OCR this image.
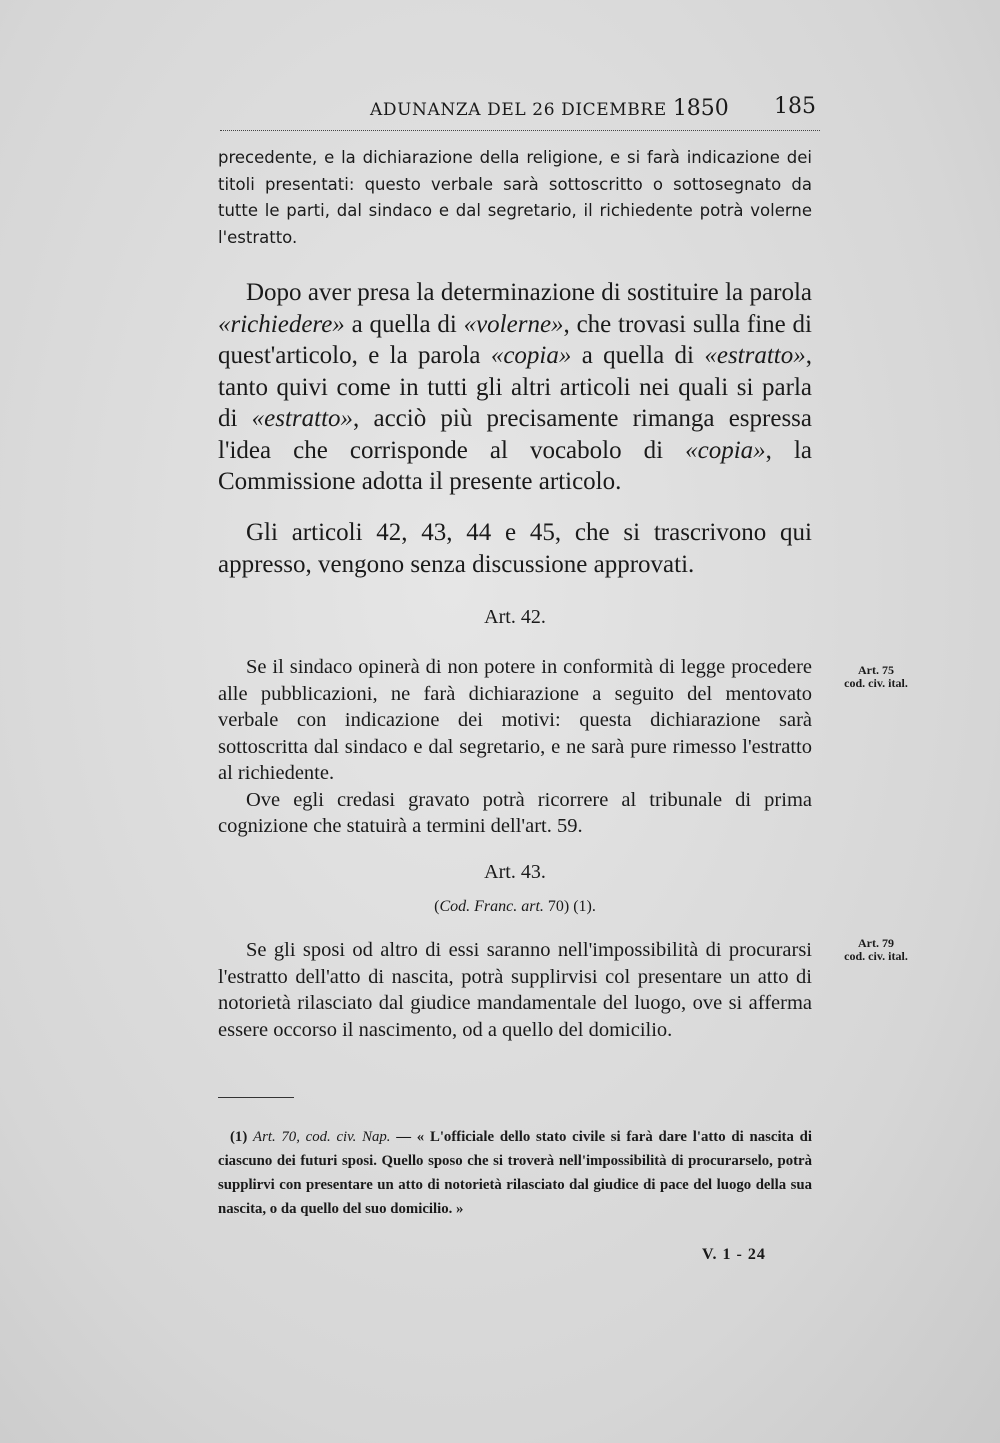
ADUNANZA DEL 26 DICEMBRE 1850 185

precedente, e la dichiarazione della religione, e si farà indicazione dei titoli presentati: questo verbale sarà sottoscritto o sottosegnato da tutte le parti, dal sindaco e dal segretario, il richiedente potrà volerne l'estratto.

Dopo aver presa la determinazione di sostituire la parola «richiedere» a quella di «volerne», che trovasi sulla fine di quest'articolo, e la parola «copia» a quella di «estratto», tanto quivi come in tutti gli altri articoli nei quali si parla di «estratto», acciò più precisamente rimanga espressa l'idea che corrisponde al vocabolo di «copia», la Commissione adotta il presente articolo.

Gli articoli 42, 43, 44 e 45, che si trascrivono qui appresso, vengono senza discussione approvati.

Art. 42.

Se il sindaco opinerà di non potere in conformità di legge procedere alle pubblicazioni, ne farà dichiarazione a seguito del mentovato verbale con indicazione dei motivi: questa dichiarazione sarà sottoscritta dal sindaco e dal segretario, e ne sarà pure rimesso l'estratto al richiedente.

Ove egli credasi gravato potrà ricorrere al tribunale di prima cognizione che statuirà a termini dell'art. 59.

Art. 75
cod. civ. ital.
Art. 43.
(Cod. Franc. art. 70) (1).

Se gli sposi od altro di essi saranno nell'impossibilità di procurarsi l'estratto dell'atto di nascita, potrà supplirvisi col presentare un atto di notorietà rilasciato dal giudice mandamentale del luogo, ove si afferma essere occorso il nascimento, od a quello del domicilio.

Art. 79
cod. civ. ital.

(1) Art. 70, cod. civ. Nap. — « L'officiale dello stato civile si farà dare l'atto di nascita di ciascuno dei futuri sposi. Quello sposo che si troverà nell'impossibilità di procurarselo, potrà supplirvi con presentare un atto di notorietà rilasciato dal giudice di pace del luogo della sua nascita, o da quello del suo domicilio. »

V. 1 - 24
